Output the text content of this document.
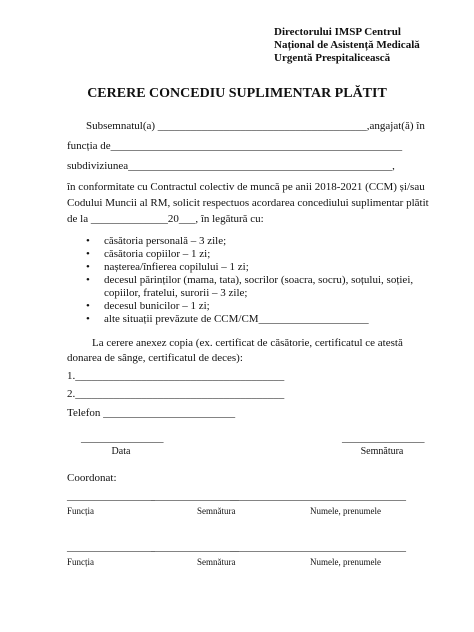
Directorului IMSP Centrul
Național de Asistență Medicală
Urgentă Prespitalicească
CERERE CONCEDIU SUPLIMENTAR PLĂTIT
Subsemnatul(a) ______________________________________,angajat(ă) în
funcția de_____________________________________________________
subdiviziunea________________________________________________,
în conformitate cu Contractul colectiv de muncă pe anii 2018-2021 (CCM) și/sau
Codului Muncii al RM, solicit respectuos acordarea concediului suplimentar plătit
de la ______________20___, în legătură cu:
• căsătoria personală – 3 zile;
• căsătoria copiilor – 1 zi;
• nașterea/înfierea copilului – 1 zi;
• decesul părinților (mama, tata), socrilor (soacra, socru), soțului, soției,
copiilor, fratelui, surorii – 3 zile;
• decesul bunicilor – 1 zi;
• alte situații prevăzute de CCM/CM____________________
La cerere anexez copia (ex. certificat de căsătorie, certificatul ce atestă
donarea de sânge, certificatul de deces):
1.______________________________________
2.______________________________________
Telefon ________________________
_______________
Data
_______________
Semnătura
Coordonat:
________________
________________
________________________________
Funcția	Semnătura	Numele, prenumele
________________
________________
________________________________
Funcția	Semnătura	Numele, prenumele
